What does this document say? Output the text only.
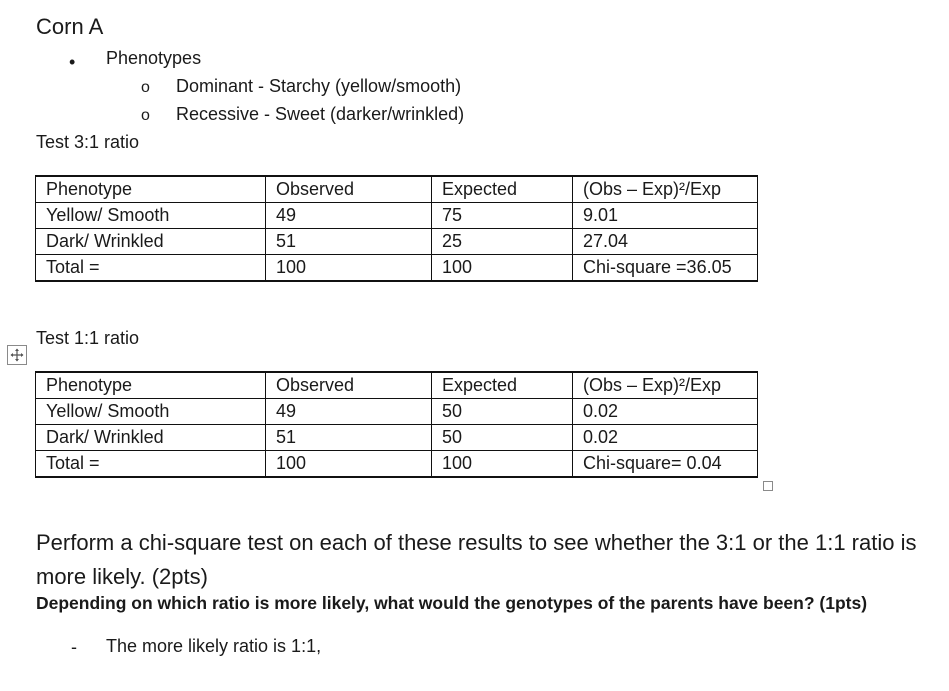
Corn A
• Phenotypes
o Dominant - Starchy (yellow/smooth)
o Recessive - Sweet (darker/wrinkled)
Test 3:1 ratio
Phenotype	Observed	Expected	(Obs – Exp)²/Exp
Yellow/ Smooth	49	75	9.01
Dark/ Wrinkled	51	25	27.04
Total =	100	100	Chi-square =36.05
Test 1:1 ratio
Phenotype	Observed	Expected	(Obs – Exp)²/Exp
Yellow/ Smooth	49	50	0.02
Dark/ Wrinkled	51	50	0.02
Total =	100	100	Chi-square= 0.04
Perform a chi-square test on each of these results to see whether the 3:1 or the 1:1 ratio is more likely. (2pts)
Depending on which ratio is more likely, what would the genotypes of the parents have been? (1pts)
- The more likely ratio is 1:1,
